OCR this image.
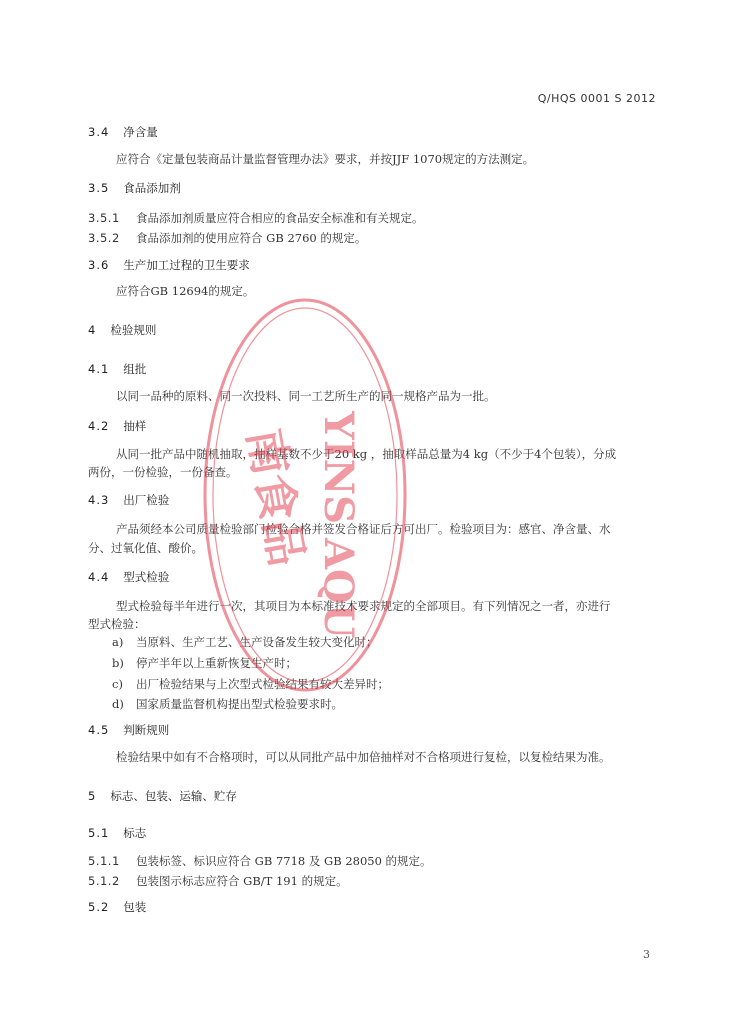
Q/HQS 0001 S 2012
3.4 净含量
应符合《定量包装商品计量监督管理办法》要求，并按JJF 1070规定的方法测定。
3.5 食品添加剂
3.5.1 食品添加剂质量应符合相应的食品安全标准和有关规定。
3.5.2 食品添加剂的使用应符合 GB 2760 的规定。
3.6 生产加工过程的卫生要求
应符合GB 12694的规定。
4 检验规则
4.1 组批
以同一品种的原料、同一次投料、同一工艺所生产的同一规格产品为一批。
4.2 抽样
从同一批产品中随机抽取，抽样基数不少于20 kg ，抽取样品总量为4 kg（不少于4个包装），分成
两份，一份检验，一份备查。
4.3 出厂检验
产品须经本公司质量检验部门检验合格并签发合格证后方可出厂。检验项目为：感官、净含量、水
分、过氧化值、酸价。
4.4 型式检验
型式检验每半年进行一次，其项目为本标准技术要求规定的全部项目。有下列情况之一者，亦进行
型式检验：
a) 当原料、生产工艺、生产设备发生较大变化时；
b) 停产半年以上重新恢复生产时；
c) 出厂检验结果与上次型式检验结果有较大差异时；
d) 国家质量监督机构提出型式检验要求时。
4.5 判断规则
检验结果中如有不合格项时，可以从同批产品中加倍抽样对不合格项进行复检，以复检结果为准。
5 标志、包装、运输、贮存
5.1 标志
5.1.1 包装标签、标识应符合 GB 7718 及 GB 28050 的规定。
5.1.2 包装图示标志应符合 GB/T 191 的规定。
5.2 包装
3
YINS AQU
南食品
